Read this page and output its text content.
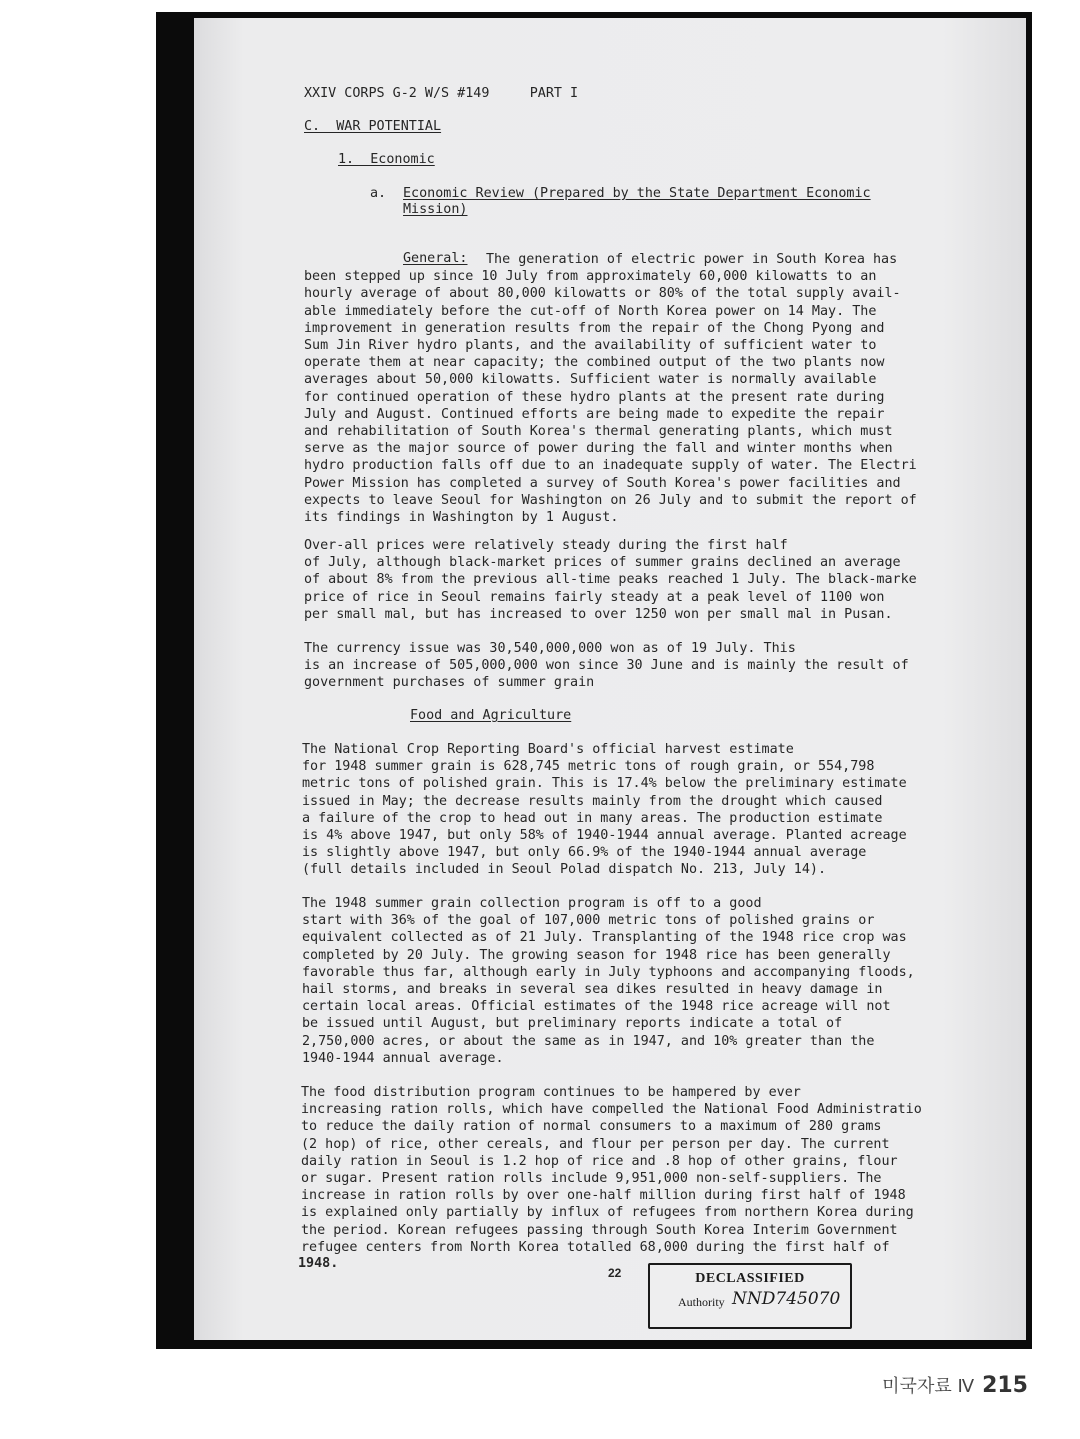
XXIV CORPS G-2 W/S #149     PART I
C.  WAR POTENTIAL
1.  Economic
a. Economic Review (Prepared by the State Department Economic
Mission)
General:	The generation of electric power in South Korea has
been stepped up since 10 July from approximately 60,000 kilowatts to an
hourly average of about 80,000 kilowatts or 80% of the total supply avail-
able immediately before the cut-off of North Korea power on 14 May. The
improvement in generation results from the repair of the Chong Pyong and
Sum Jin River hydro plants, and the availability of sufficient water to
operate them at near capacity; the combined output of the two plants now
averages about 50,000 kilowatts. Sufficient water is normally available
for continued operation of these hydro plants at the present rate during
July and August. Continued efforts are being made to expedite the repair
and rehabilitation of South Korea's thermal generating plants, which must
serve as the major source of power during the fall and winter months when
hydro production falls off due to an inadequate supply of water. The Electri
Power Mission has completed a survey of South Korea's power facilities and
expects to leave Seoul for Washington on 26 July and to submit the report of
its findings in Washington by 1 August.

Over-all prices were relatively steady during the first half
of July, although black-market prices of summer grains declined an average
of about 8% from the previous all-time peaks reached 1 July. The black-marke
price of rice in Seoul remains fairly steady at a peak level of 1100 won
per small mal, but has increased to over 1250 won per small mal in Pusan.

The currency issue was 30,540,000,000 won as of 19 July. This
is an increase of 505,000,000 won since 30 June and is mainly the result of
government purchases of summer grain

Food and Agriculture

The National Crop Reporting Board's official harvest estimate
for 1948 summer grain is 628,745 metric tons of rough grain, or 554,798
metric tons of polished grain. This is 17.4% below the preliminary estimate
issued in May; the decrease results mainly from the drought which caused
a failure of the crop to head out in many areas. The production estimate
is 4% above 1947, but only 58% of 1940-1944 annual average. Planted acreage
is slightly above 1947, but only 66.9% of the 1940-1944 annual average
(full details included in Seoul Polad dispatch No. 213, July 14).

The 1948 summer grain collection program is off to a good
start with 36% of the goal of 107,000 metric tons of polished grains or
equivalent collected as of 21 July. Transplanting of the 1948 rice crop was
completed by 20 July. The growing season for 1948 rice has been generally
favorable thus far, although early in July typhoons and accompanying floods,
hail storms, and breaks in several sea dikes resulted in heavy damage in
certain local areas. Official estimates of the 1948 rice acreage will not
be issued until August, but preliminary reports indicate a total of
2,750,000 acres, or about the same as in 1947, and 10% greater than the
1940-1944 annual average.

The food distribution program continues to be hampered by ever
increasing ration rolls, which have compelled the National Food Administratio
to reduce the daily ration of normal consumers to a maximum of 280 grams
(2 hop) of rice, other cereals, and flour per person per day. The current
daily ration in Seoul is 1.2 hop of rice and .8 hop of other grains, flour
or sugar. Present ration rolls include 9,951,000 non-self-suppliers. The
increase in ration rolls by over one-half million during first half of 1948
is explained only partially by influx of refugees from northern Korea during
the period. Korean refugees passing through South Korea Interim Government
refugee centers from North Korea totalled 68,000 during the first half of

1948.
22	DECLASSIFIED
Authority NND745070
미국자료 Ⅳ 215
